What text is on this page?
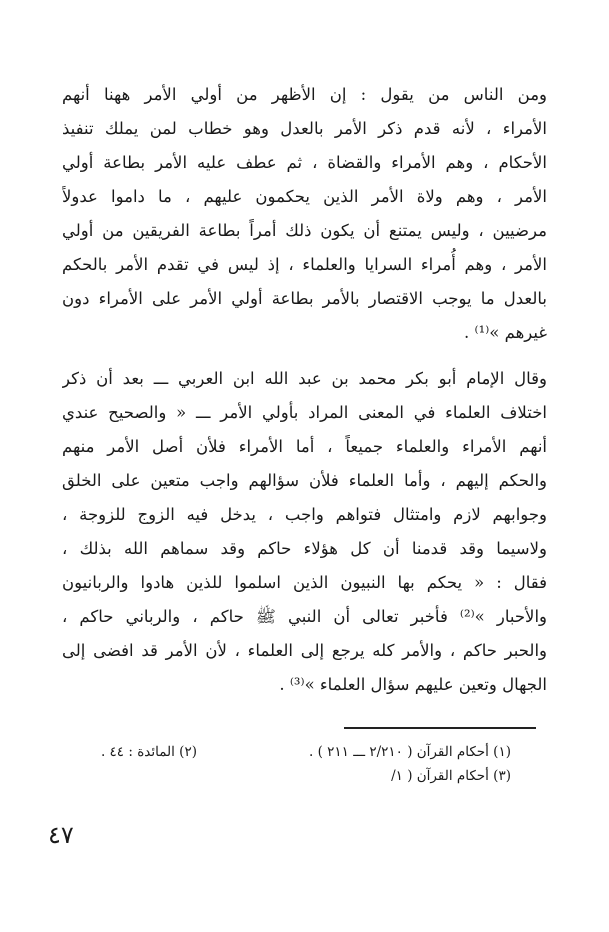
ومن الناس من يقول : إن الأظهر من أولي الأمر ههنا أنهم
الأمراء ، لأنه قدم ذكر الأمر بالعدل وهو خطاب لمن يملك تنفيذ
الأحكام ، وهم الأمراء والقضاة ، ثم عطف عليه الأمر بطاعة أولي
الأمر ، وهم ولاة الأمر الذين يحكمون عليهم ، ما داموا عدولاً
مرضيين ، وليس يمتنع أن يكون ذلك أمراً بطاعة الفريقين من أولي
الأمر ، وهم أُمراء السرايا والعلماء ، إذ ليس في تقدم الأمر بالحكم
بالعدل ما يوجب الاقتصار بالأمر بطاعة أولي الأمر على الأمراء دون
غيرهم »⁽¹⁾ .
وقال الإمام أبو بكر محمد بن عبد الله ابن العربي ـــ بعد أن ذكر
اختلاف العلماء في المعنى المراد بأولي الأمر ـــ « والصحيح عندي
أنهم الأمراء والعلماء جميعاً ، أما الأمراء فلأن أصل الأمر منهم
والحكم إليهم ، وأما العلماء فلأن سؤالهم واجب متعين على الخلق
وجوابهم لازم وامتثال فتواهم واجب ، يدخل فيه الزوج للزوجة ،
ولاسيما وقد قدمنا أن كل هؤلاء حاكم وقد سماهم الله بذلك ،
فقال : « يحكم بها النبيون الذين اسلموا للذين هادوا والربانيون
والأحبار »⁽²⁾ فأخبر تعالى أن النبي ﷺ حاكم ، والرباني حاكم ،
والحبر حاكم ، والأمر كله يرجع إلى العلماء ، لأن الأمر قد افضى إلى
الجهال وتعين عليهم سؤال العلماء »⁽³⁾ .
(١) أحكام القرآن ( ٢/٢١٠ ـــ ٢١١ ) .
(٢) المائدة : ٤٤ .
(٣) أحكام القرآن ( ١/
٤٧
